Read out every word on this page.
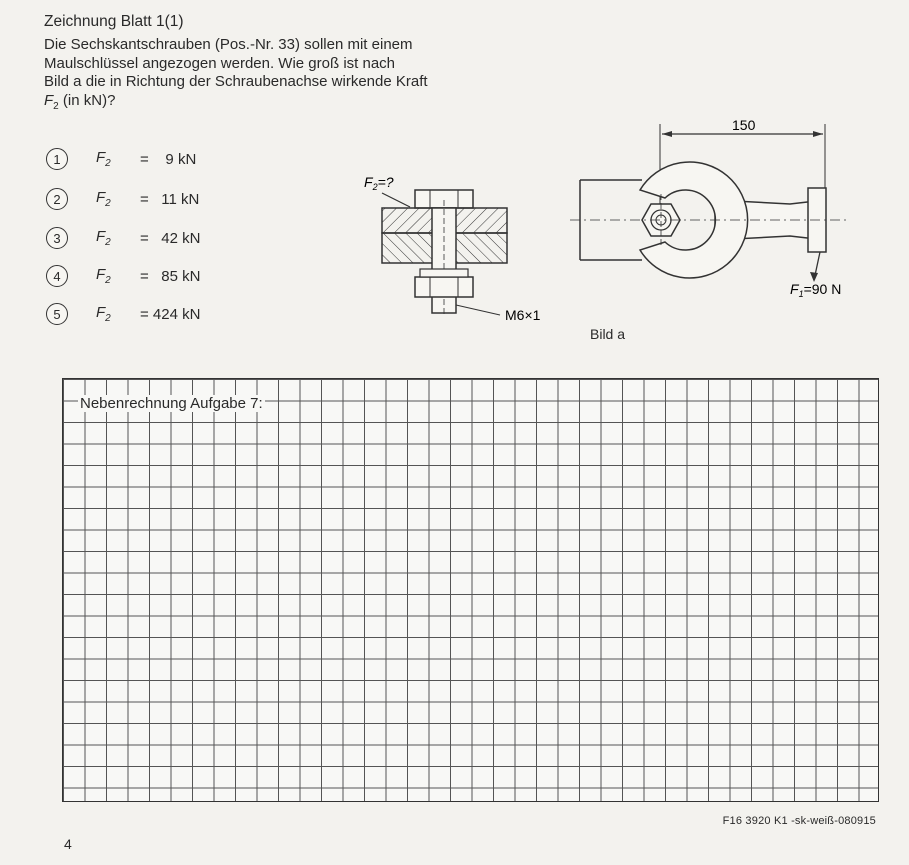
Zeichnung Blatt 1(1)
Die Sechskantschrauben (Pos.-Nr. 33) sollen mit einem
Maulschlüssel angezogen werden. Wie groß ist nach
Bild a die in Richtung der Schraubenachse wirkende Kraft
$F_2$ (in kN)?
1	$F_2$	=    9 kN
2	$F_2$	=   11 kN
3	$F_2$	=   42 kN
4	$F_2$	=   85 kN
5	$F_2$	= 424 kN
$F_2=$?
M6×1
150
$F_1=90$ N
Bild a
Nebenrechnung Aufgabe 7:
F16 3920 K1 -sk-weiß-080915
4
